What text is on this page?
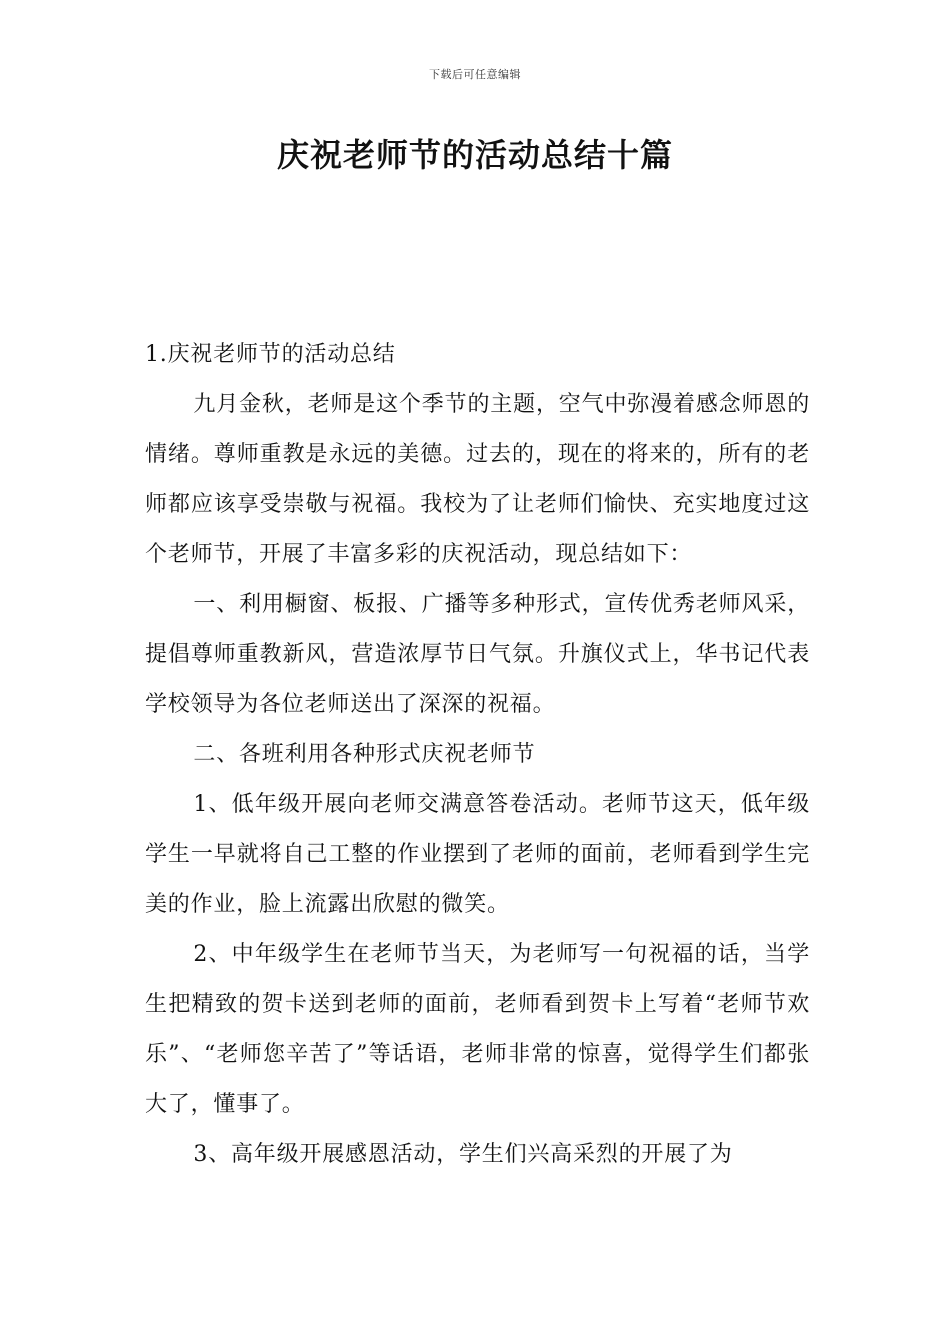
下载后可任意编辑
庆祝老师节的活动总结十篇

1.庆祝老师节的活动总结

九月金秋，老师是这个季节的主题，空气中弥漫着感念师恩的情绪。尊师重教是永远的美德。过去的，现在的将来的，所有的老师都应该享受崇敬与祝福。我校为了让老师们愉快、充实地度过这个老师节，开展了丰富多彩的庆祝活动，现总结如下：

一、利用橱窗、板报、广播等多种形式，宣传优秀老师风采，提倡尊师重教新风，营造浓厚节日气氛。升旗仪式上，华书记代表学校领导为各位老师送出了深深的祝福。

二、各班利用各种形式庆祝老师节

1、低年级开展向老师交满意答卷活动。老师节这天，低年级学生一早就将自己工整的作业摆到了老师的面前，老师看到学生完美的作业，脸上流露出欣慰的微笑。

2、中年级学生在老师节当天，为老师写一句祝福的话，当学生把精致的贺卡送到老师的面前，老师看到贺卡上写着“老师节欢乐”、“老师您辛苦了”等话语，老师非常的惊喜，觉得学生们都张大了，懂事了。

3、高年级开展感恩活动，学生们兴高采烈的开展了为
